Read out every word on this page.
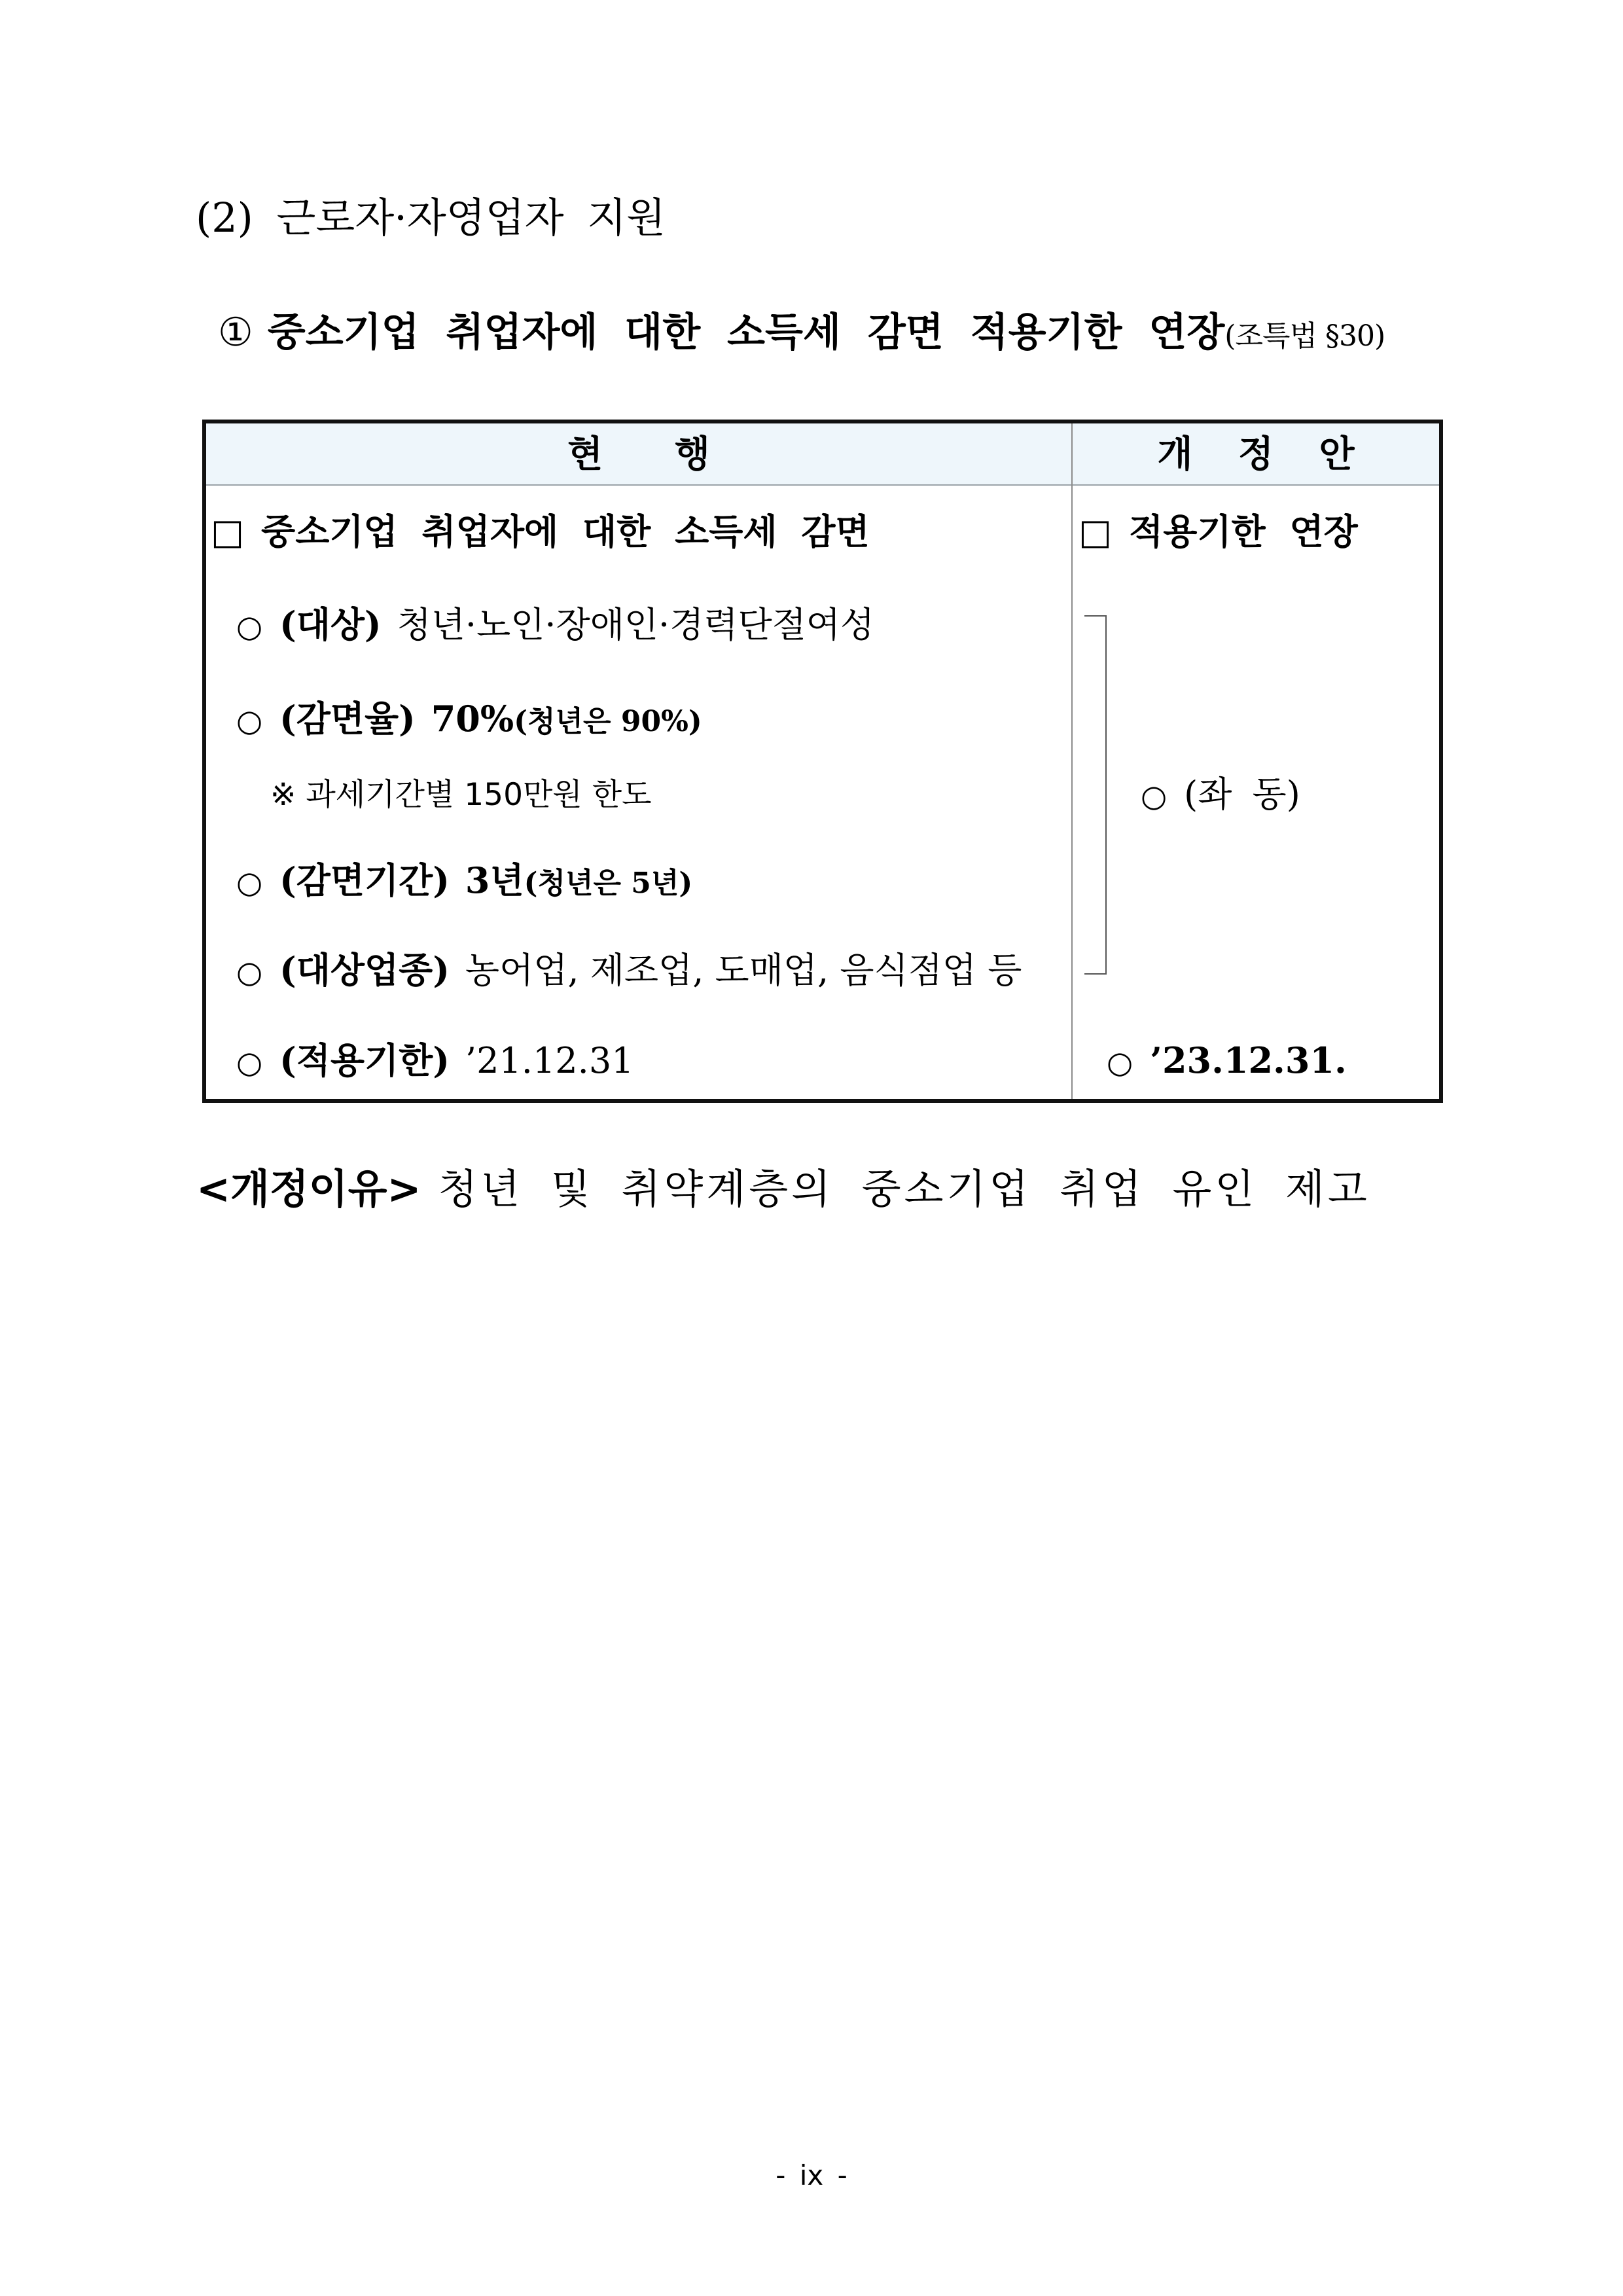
(2) 근로자·자영업자 지원
① 중소기업 취업자에 대한 소득세 감면 적용기한 연장(조특법 §30)
현 행	개 정 안
□ 중소기업 취업자에 대한 소득세 감면
○ (대상) 청년·노인·장애인·경력단절여성
○ (감면율) 70%(청년은 90%)
※ 과세기간별 150만원 한도
○ (감면기간) 3년(청년은 5년)
○ (대상업종) 농어업, 제조업, 도매업, 음식점업 등
○ (적용기한) ’21.12.31
□ 적용기한 연장
○ (좌 동)
○ ’23.12.31.
<개정이유> 청년 및 취약계층의 중소기업 취업 유인 제고
- ix -
